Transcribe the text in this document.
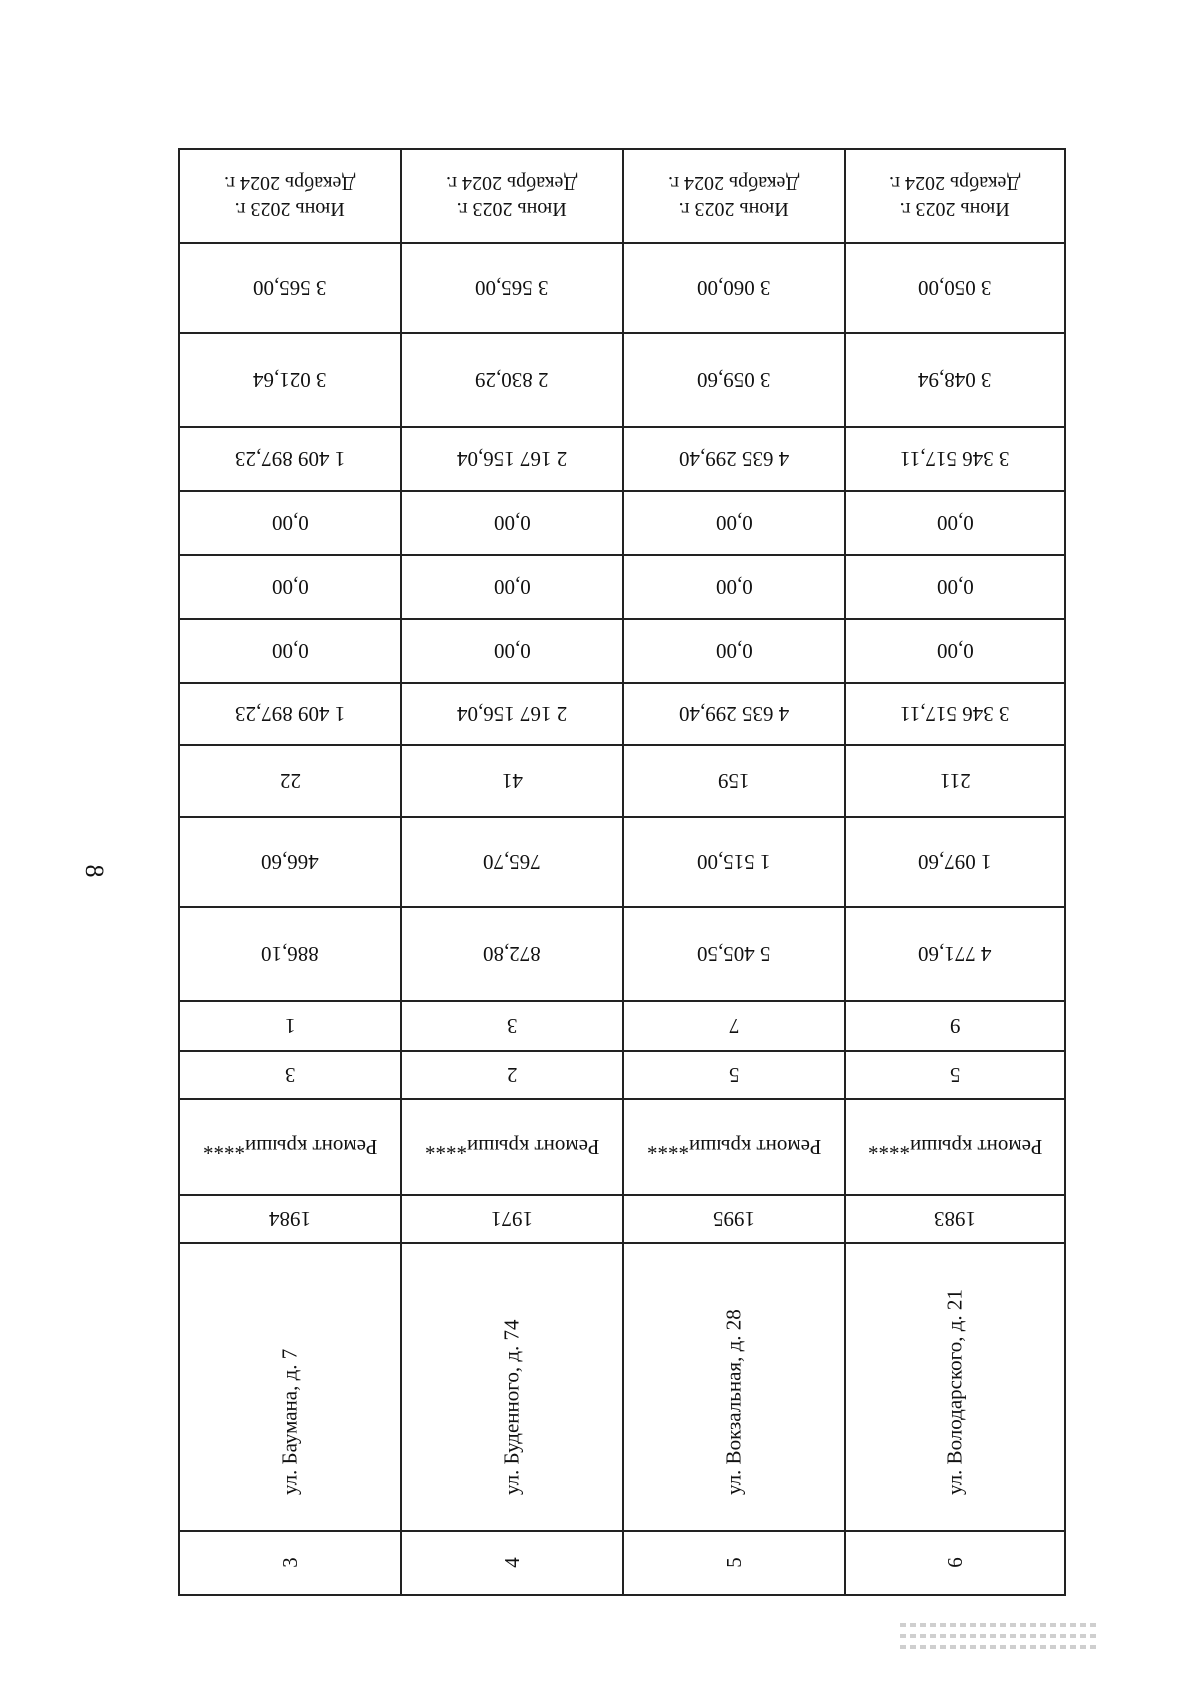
8
Июнь 2023 г.
Декабрь 2024 г.
3 565,00
3 021,64
1 409 897,23
0,00
0,00
0,00
1 409 897,23
22
466,60
886,10
1
3
Ремонт крыши****
1984
ул. Баумана, д. 7
3
Июнь 2023 г.
Декабрь 2024 г.
3 565,00
2 830,29
2 167 156,04
0,00
0,00
0,00
2 167 156,04
41
765,70
872,80
3
2
Ремонт крыши****
1971
ул. Буденного, д. 74
4
Июнь 2023 г.
Декабрь 2024 г.
3 060,00
3 059,60
4 635 299,40
0,00
0,00
0,00
4 635 299,40
159
1 515,00
5 405,50
7
5
Ремонт крыши****
1995
ул. Вокзальная, д. 28
5
Июнь 2023 г.
Декабрь 2024 г.
3 050,00
3 048,94
3 346 517,11
0,00
0,00
0,00
3 346 517,11
211
1 097,60
4 771,60
9
5
Ремонт крыши****
1983
ул. Володарского, д. 21
6
